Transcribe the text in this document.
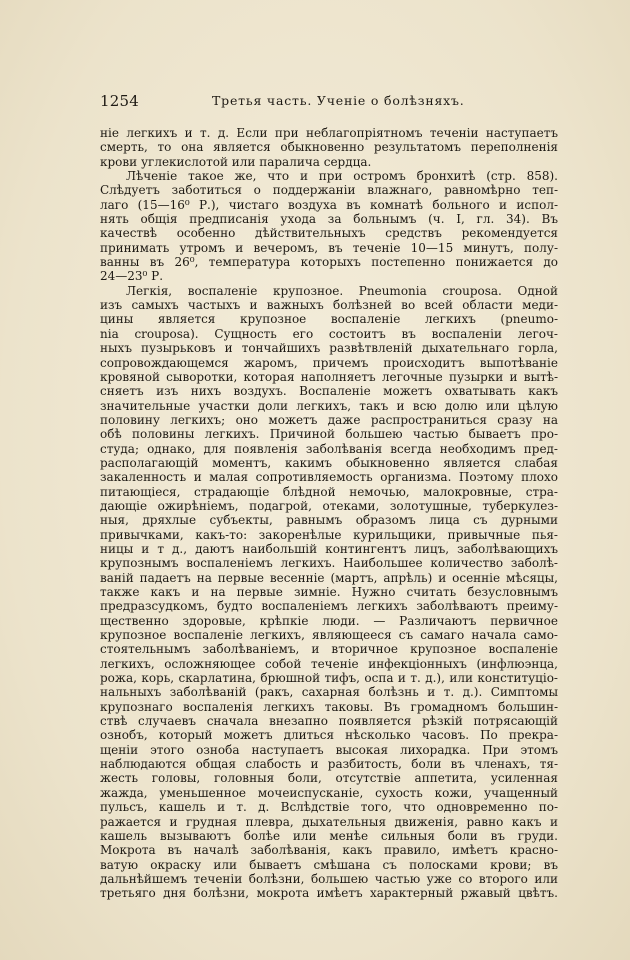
1254	Третья часть. Ученіе о болѣзняхъ.
ніе легкихъ и т. д. Если при неблагопріятномъ теченіи наступаетъ
смерть, то она является обыкновенно результатомъ переполненія
крови углекислотой или паралича сердца.
Лѣченіе такое же, что и при остромъ бронхитѣ (стр. 858).
Слѣдуетъ заботиться о поддержаніи влажнаго, равномѣрно теп-
лаго (15—16⁰ Р.), чистаго воздуха въ комнатѣ больного и испол-
нять общія предписанія ухода за больнымъ (ч. I, гл. 34). Въ
качествѣ особенно дѣйствительныхъ средствъ рекомендуется
принимать утромъ и вечеромъ, въ теченіе 10—15 минутъ, полу-
ванны въ 26⁰, температура которыхъ постепенно понижается до
24—23⁰ Р.
Легкія, воспаленіе крупозное. Pneumonia crouposa. Одной
изъ самыхъ частыхъ и важныхъ болѣзней во всей области меди-
цины является крупозное воспаленіе легкихъ (pneumo-
nia crouposa). Сущность его состоитъ въ воспаленіи легоч-
ныхъ пузырьковъ и тончайшихъ развѣтвленій дыхательнаго горла,
сопровождающемся жаромъ, причемъ происходитъ выпотѣваніе
кровяной сыворотки, которая наполняетъ легочные пузырки и вытѣ-
сняетъ изъ нихъ воздухъ. Воспаленіе можетъ охватывать какъ
значительные участки доли легкихъ, такъ и всю долю или цѣлую
половину легкихъ; оно можетъ даже распространиться сразу на
обѣ половины легкихъ. Причиной большею частью бываетъ про-
студа; однако, для появленія заболѣванія всегда необходимъ пред-
располагающій моментъ, какимъ обыкновенно является слабая
закаленность и малая сопротивляемость организма. Поэтому плохо
питающіеся, страдающіе блѣдной немочью, малокровные, стра-
дающіе ожирѣніемъ, подагрой, отеками, золотушные, туберкулез-
ныя, дряхлые субъекты, равнымъ образомъ лица съ дурными
привычками, какъ-то: закоренѣлые курильщики, привычные пья-
ницы и т д., даютъ наибольшій контингентъ лицъ, заболѣвающихъ
крупознымъ воспаленіемъ легкихъ. Наибольшее количество заболѣ-
ваній падаетъ на первые весенніе (мартъ, апрѣль) и осенніе мѣсяцы,
также какъ и на первые зимніе. Нужно считать безусловнымъ
предразсудкомъ, будто воспаленіемъ легкихъ заболѣваютъ преиму-
щественно здоровые, крѣпкіе люди. — Различаютъ первичное
крупозное воспаленіе легкихъ, являющееся съ самаго начала само-
стоятельнымъ заболѣваніемъ, и вторичное крупозное воспаленіе
легкихъ, осложняющее собой теченіе инфекціонныхъ (инфлюэнца,
рожа, корь, скарлатина, брюшной тифъ, оспа и т. д.), или конституціо-
нальныхъ заболѣваній (ракъ, сахарная болѣзнь и т. д.). Симптомы
крупознаго воспаленія легкихъ таковы. Въ громадномъ большин-
ствѣ случаевъ сначала внезапно появляется рѣзкій потрясающій
ознобъ, который можетъ длиться нѣсколько часовъ. По прекра-
щеніи этого озноба наступаетъ высокая лихорадка. При этомъ
наблюдаются общая слабость и разбитость, боли въ членахъ, тя-
жесть головы, головныя боли, отсутствіе аппетита, усиленная
жажда, уменьшенное мочеиспусканіе, сухость кожи, учащенный
пульсъ, кашель и т. д. Вслѣдствіе того, что одновременно по-
ражается и грудная плевра, дыхательныя движенія, равно какъ и
кашель вызываютъ болѣе или менѣе сильныя боли въ груди.
Мокрота въ началѣ заболѣванія, какъ правило, имѣетъ красно-
ватую окраску или бываетъ смѣшана съ полосками крови; въ
дальнѣйшемъ теченіи болѣзни, большею частью уже со второго или
третьяго дня болѣзни, мокрота имѣетъ характерный ржавый цвѣтъ.
